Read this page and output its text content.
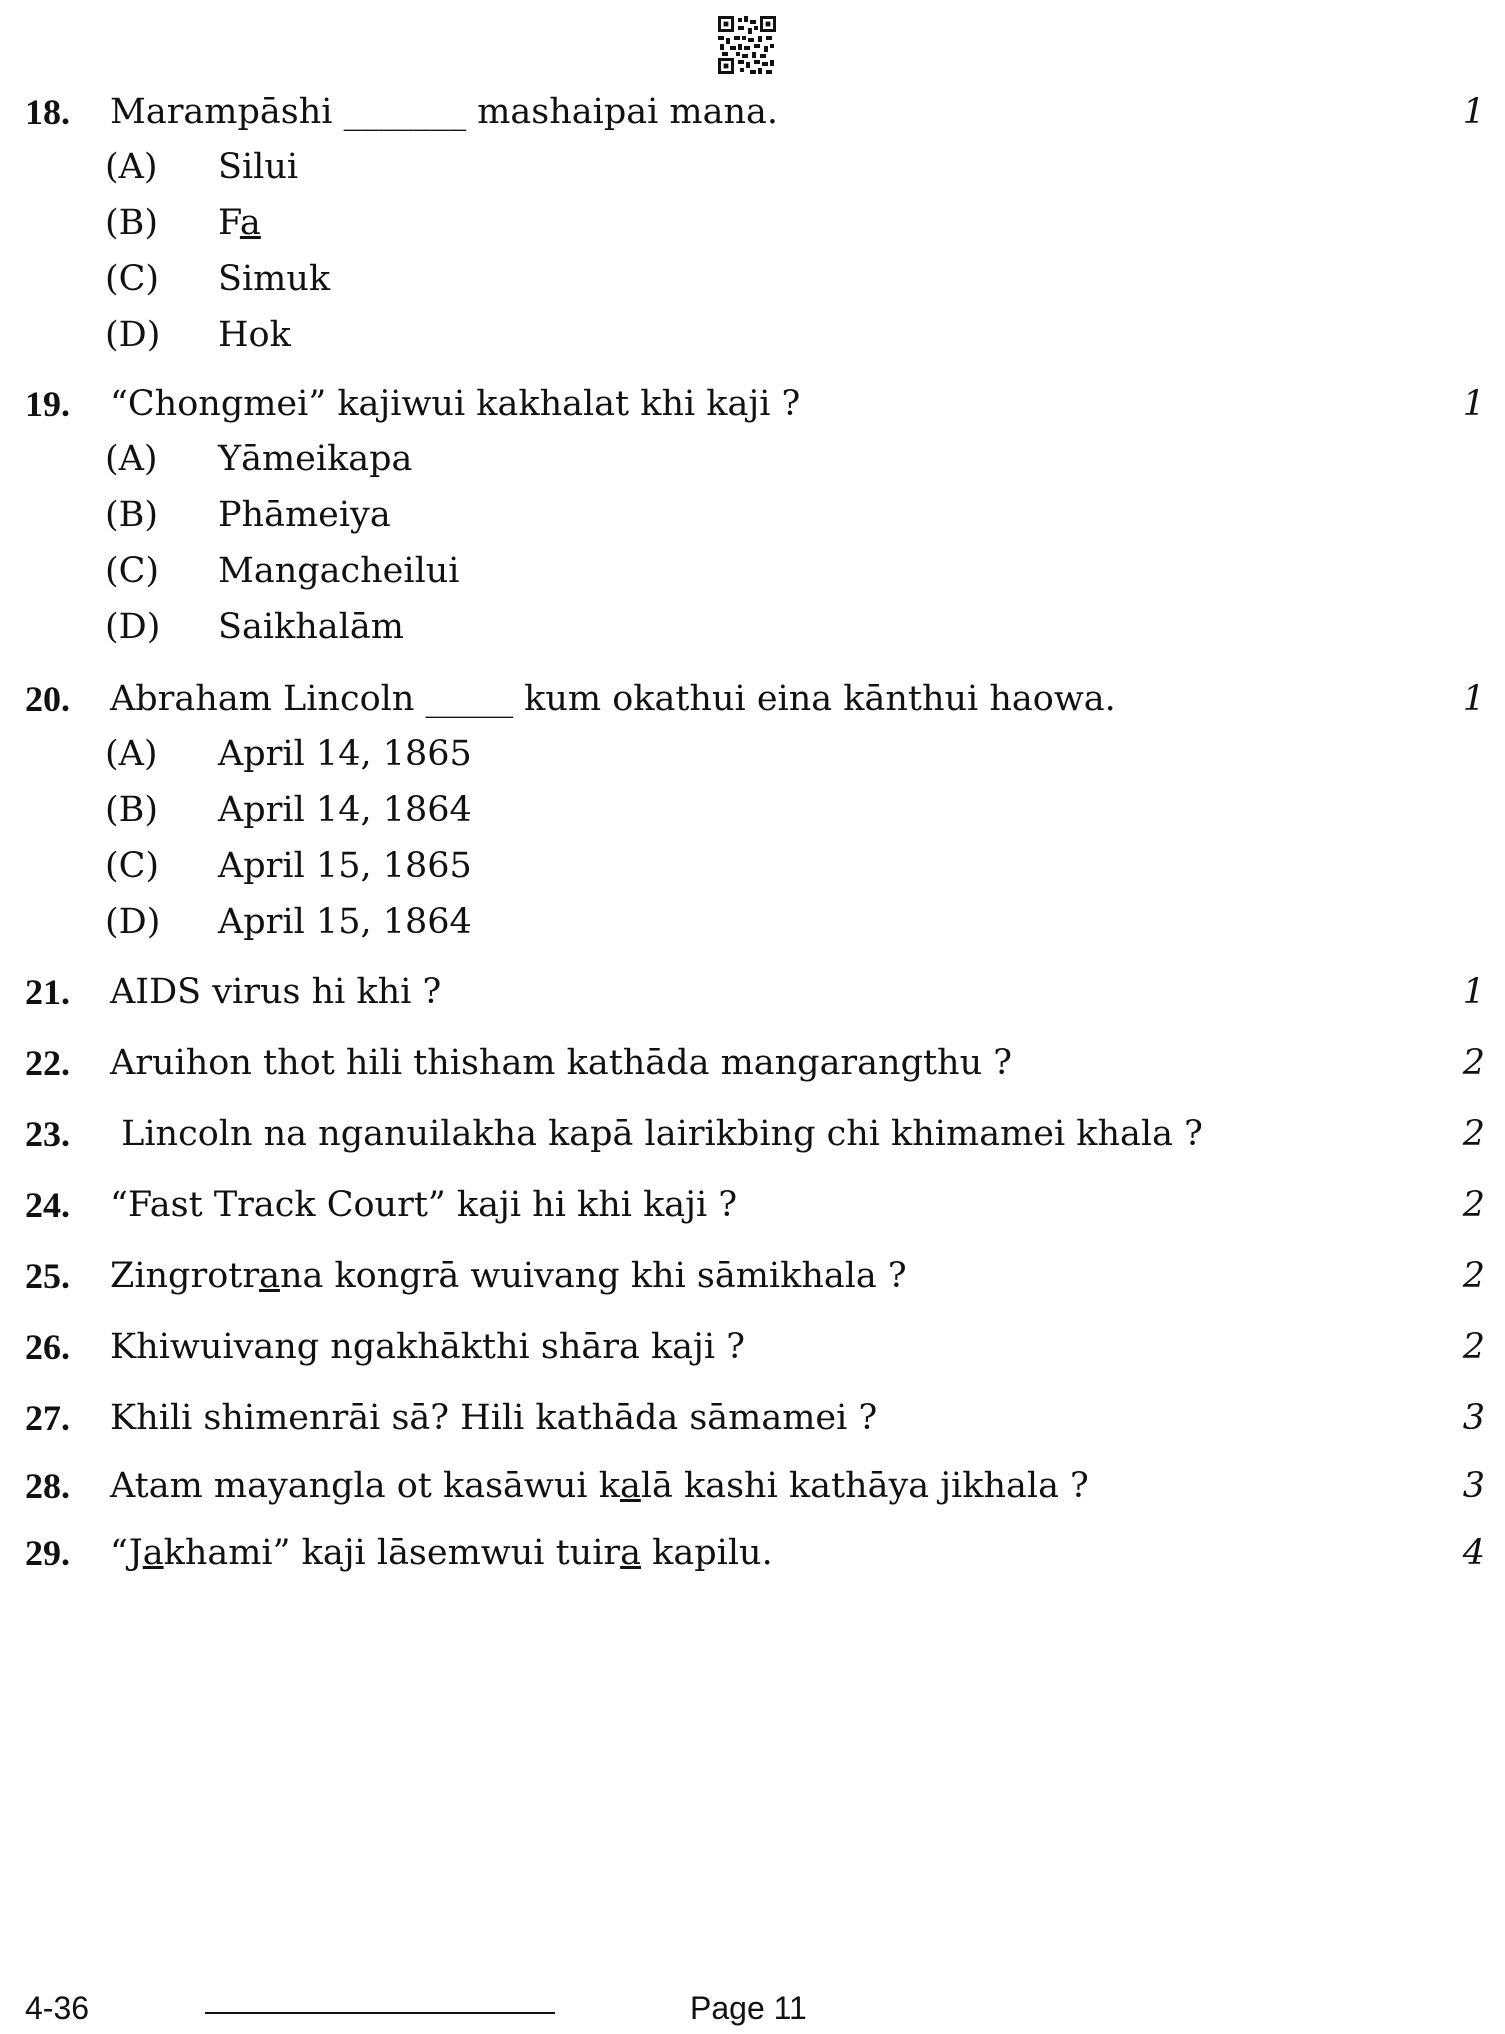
18. Marampāshi _______ mashaipai mana.	1
(A) Silui
(B) Fa
(C) Simuk
(D) Hok
19. “Chongmei” kajiwui kakhalat khi kaji ?	1
(A) Yāmeikapa
(B) Phāmeiya
(C) Mangacheilui
(D) Saikhalām
20. Abraham Lincoln _____ kum okathui eina kānthui haowa.	1
(A) April 14, 1865
(B) April 14, 1864
(C) April 15, 1865
(D) April 15, 1864
21. AIDS virus hi khi ?	1
22. Aruihon thot hili thisham kathāda mangarangthu ?	2
23. Lincoln na nganuilakha kapā lairikbing chi khimamei khala ?	2
24. “Fast Track Court” kaji hi khi kaji ?	2
25. Zingrotrana kongrā wuivang khi sāmikhala ?	2
26. Khiwuivang ngakhākthi shāra kaji ?	2
27. Khili shimenrāi sā? Hili kathāda sāmamei ?	3
28. Atam mayangla ot kasāwui kalā kashi kathāya jikhala ?	3
29. “Jakhami” kaji lāsemwui tuira kapilu.	4
4-36	Page 11
